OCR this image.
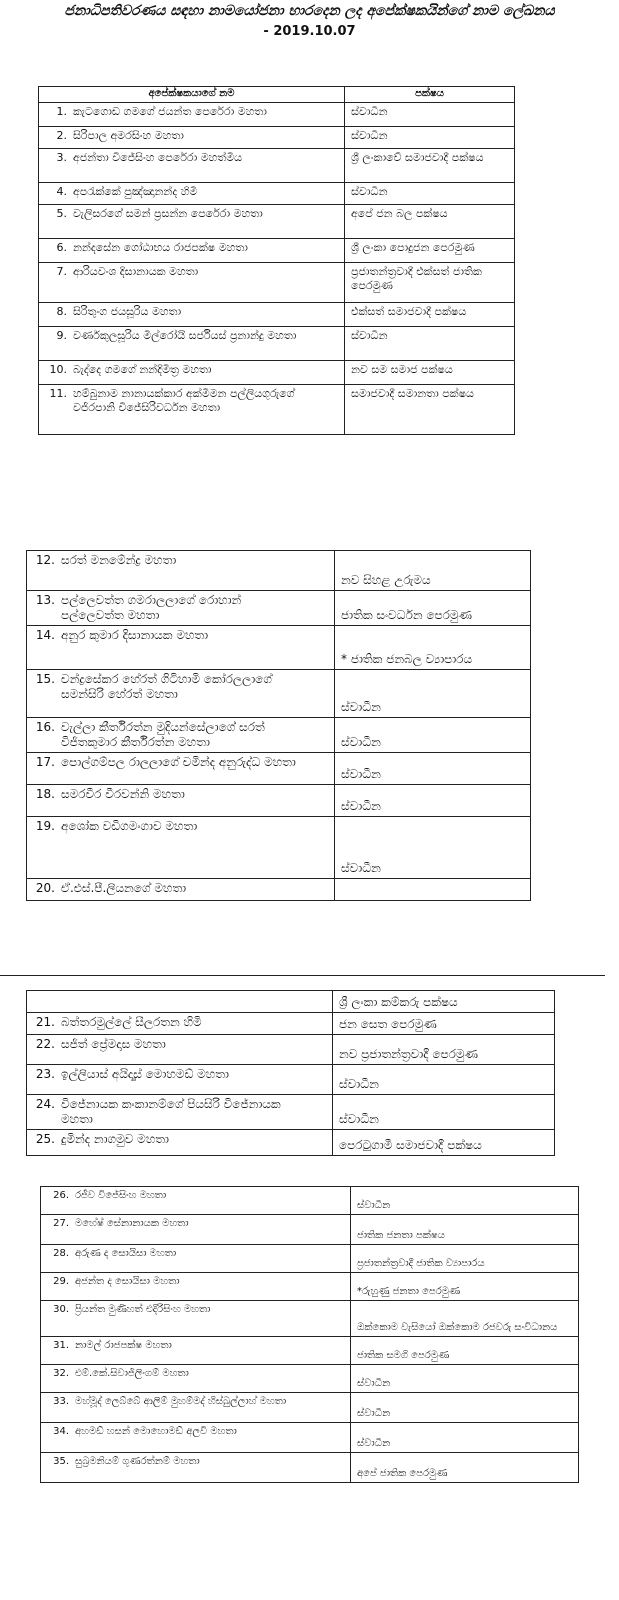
ජනාධිපතිවරණය සඳහා නාමයෝජනා භාරදෙන ලද අපේක්ෂකයින්ගේ නාම ලේඛනය
- 2019.10.07
අපේක්ෂකයාගේ නම	පක්ෂය
1. කැටගොඩ ගමගේ ජයන්ත පෙරේරා මහතා	ස්වාධීන
2. සිරිපාල අමරසිංහ මහතා	ස්වාධීන
3. අජන්තා විජේසිංහ පෙරේරා මහත්මිය	ශ්‍රී ලංකාවේ සමාජවාදී පක්ෂය
4. අපරැක්කේ පුඤ්ඤානන්ද හිමි	ස්වාධීන
5. වැලිසරගේ සමන් ප්‍රසන්න පෙරේරා මහතා	අපේ ජන බල පක්ෂය
6. නන්දසේන ගෝඨාභය රාජපක්ෂ මහතා	ශ්‍රී ලංකා පොදුජන පෙරමුණ
7. ආරියවංශ දිසානායක මහතා	ප්‍රජාතන්ත්‍රවාදී එක්සත් ජාතික පෙරමුණ
8. සිරිතුංග ජයසූරිය මහතා	එක්සත් සමාජවාදී පක්ෂය
9. වර්ණකුලසූරිය මිල්රෝයි සර්ජියස් ප්‍රනාන්දු මහතා	ස්වාධීන
10. බැද්දෙ ගමගේ නන්දිමිත්‍ර මහතා	නව සම සමාජ පක්ෂය
11. හම්බුනාම නානායක්කාර අක්මීමන පල්ලියගුරුගේ වජිරපානි විජේසිරිවර්ධන මහතා	සමාජවාදී සමානතා පක්ෂය
12. සරත් මනමේන්ද්‍ර මහතා	නව සිහළ උරුමය
13. පල්ලෙවත්ත ගමරාලලාගේ රොහාන් පල්ලෙවත්ත මහතා	ජාතික සංවර්ධන පෙරමුණ
14. අනුර කුමාර දිසානායක මහතා	* ජාතික ජනබල ව්‍යාපාරය
15. චන්ද්‍රසේකර හේරත් ගිටිහාමි කෝරලලාගේ සමන්සිරි හේරත් මහතා	ස්වාධීන
16. වැල්ලා කීර්තිරත්න මුදියන්සේලාගේ සරත් විජිතකුමාර කීර්තිරත්න මහතා	ස්වාධීන
17. පොල්ගම්පල රාලලාගේ චමින්ද අනුරුද්ධ මහතා	ස්වාධීන
18. සමරවීර වීරවන්නි මහතා	ස්වාධීන
19. අශෝක වඩිගමංගාව මහතා	ස්වාධීන
20. ඒ.එස්.පී.ලියනගේ මහතා	
	ශ්‍රී ලංකා කම්කරු පක්ෂය
21. බත්තරමුල්ලේ සීලරතන හිමි	ජන සෙත පෙරමුණ
22. සජිත් ප්‍රේමදාස මහතා	නව ප්‍රජාතන්ත්‍රවාදී පෙරමුණ
23. ඉල්ලියාස් අයිද්‍රූස් මොහමඩ් මහතා	ස්වාධීන
24. විජේනායක කංකානම්ගේ පියසිරි විජේනායක මහතා	ස්වාධීන
25. දුමින්ද නාගමුව මහතා	පෙරටුගාමී සමාජවාදී පක්ෂය
26. රජීව විජේසිංහ මහතා	ස්වාධීන
27. මහේෂ් සේනානායක මහතා	ජාතික ජනතා පක්ෂය
28. අරුණ ද සොයිසා මහතා	ප්‍රජාතන්ත්‍රවාදී ජාතික ව්‍යාපාරය
29. අජන්ත ද සොයිසා මහතා	*රුහුණු ජනතා පෙරමුණ
30. ප්‍රියන්ත මුණිහත් එදිරිසිංහ මහතා	ඔක්කොම වැසියෝ ඔක්කොම රජවරු සංවිධානය
31. නාමල් රාජපක්ෂ මහතා	ජාතික සමගි පෙරමුණ
32. එම්.කේ.සිවාජිලිංගම් මහතා	ස්වාධීන
33. මහ්මූද් ලෙබ්බේ ආලිම් මුහම්මද් හිස්බුල්ලාහ් මහතා	ස්වාධීන
34. අහමඩ් හසන් මොහොමඩ් අලවි මහතා	ස්වාධීන
35. සුබ්‍රමනියම් ගුණරත්නම් මහතා	අපේ ජාතික පෙරමුණ
